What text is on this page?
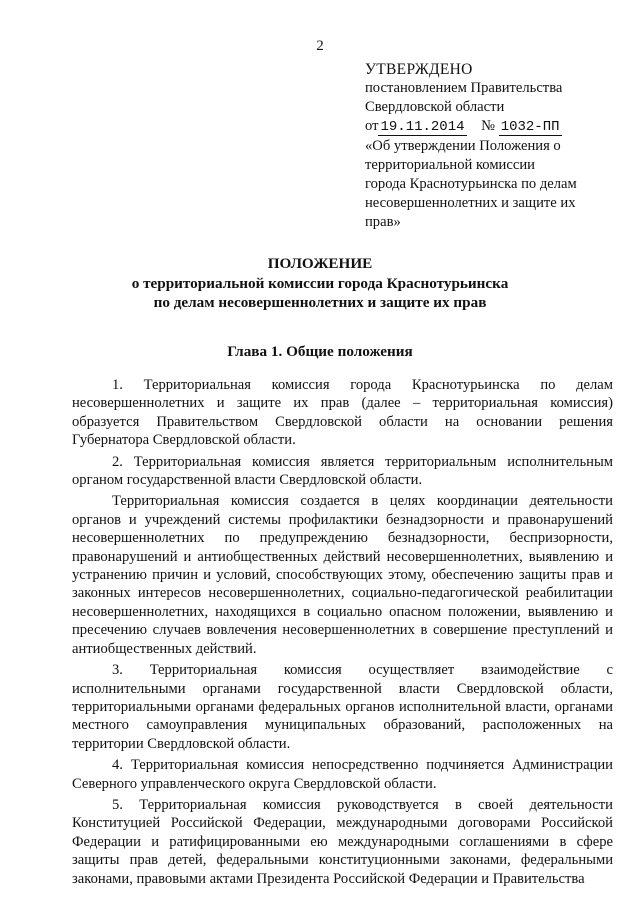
2
УТВЕРЖДЕНО
постановлением Правительства
Свердловской области
от 19.11.2014 № 1032-ПП
«Об утверждении Положения о
территориальной комиссии
города Краснотурьинска по делам
несовершеннолетних и защите их
прав»
ПОЛОЖЕНИЕ
о территориальной комиссии города Краснотурьинска
по делам несовершеннолетних и защите их прав
Глава 1. Общие положения

1. Территориальная комиссия города Краснотурьинска по делам несовершеннолетних и защите их прав (далее – территориальная комиссия) образуется Правительством Свердловской области на основании решения Губернатора Свердловской области.

2. Территориальная комиссия является территориальным исполнительным органом государственной власти Свердловской области.

Территориальная комиссия создается в целях координации деятельности органов и учреждений системы профилактики безнадзорности и правонарушений несовершеннолетних по предупреждению безнадзорности, беспризорности, правонарушений и антиобщественных действий несовершеннолетних, выявлению и устранению причин и условий, способствующих этому, обеспечению защиты прав и законных интересов несовершеннолетних, социально-педагогической реабилитации несовершеннолетних, находящихся в социально опасном положении, выявлению и пресечению случаев вовлечения несовершеннолетних в совершение преступлений и антиобщественных действий.

3. Территориальная комиссия осуществляет взаимодействие с исполнительными органами государственной власти Свердловской области, территориальными органами федеральных органов исполнительной власти, органами местного самоуправления муниципальных образований, расположенных на территории Свердловской области.

4. Территориальная комиссия непосредственно подчиняется Администрации Северного управленческого округа Свердловской области.

5. Территориальная комиссия руководствуется в своей деятельности Конституцией Российской Федерации, международными договорами Российской Федерации и ратифицированными ею международными соглашениями в сфере защиты прав детей, федеральными конституционными законами, федеральными законами, правовыми актами Президента Российской Федерации и Правительства
